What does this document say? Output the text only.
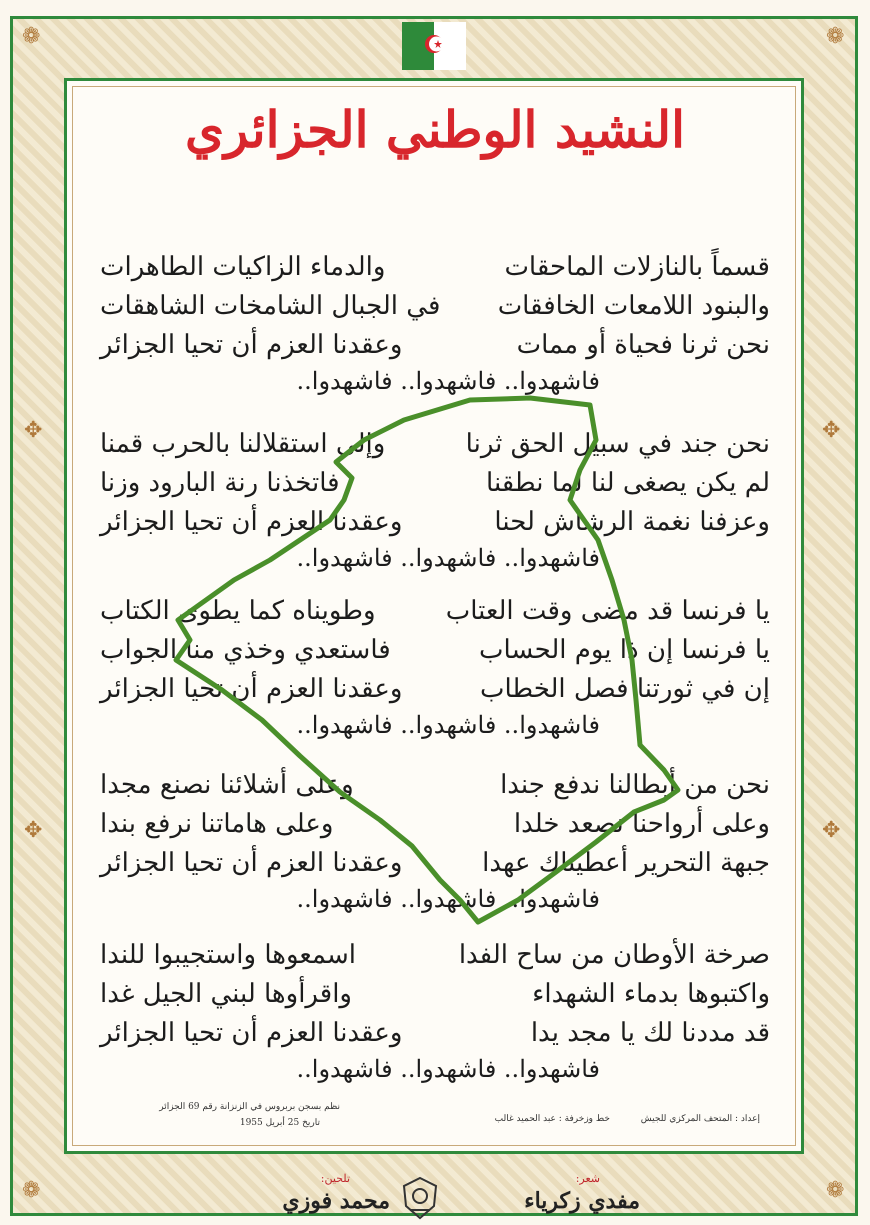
❁	❁
❁	❁
✥
✥
✥
✥
النشيد الوطني الجزائري
قسماً بالنازلات الماحقات
والدماء الزاكيات الطاهرات
والبنود اللامعات الخافقات
في الجبال الشامخات الشاهقات
نحن ثرنا فحياة أو ممات
وعقدنا العزم أن تحيا الجزائر
فاشهدوا.. فاشهدوا.. فاشهدوا..
نحن جند في سبيل الحق ثرنا
وإلى استقلالنا بالحرب قمنا
لم يكن يصغى لنا لما نطقنا
فاتخذنا رنة البارود وزنا
وعزفنا نغمة الرشاش لحنا
وعقدنا العزم أن تحيا الجزائر
فاشهدوا.. فاشهدوا.. فاشهدوا..
يا فرنسا قد مضى وقت العتاب
وطويناه كما يطوى الكتاب
يا فرنسا إن ذا يوم الحساب
فاستعدي وخذي منا الجواب
إن في ثورتنا فصل الخطاب
وعقدنا العزم أن تحيا الجزائر
فاشهدوا.. فاشهدوا.. فاشهدوا..
نحن من أبطالنا ندفع جندا
وعلى أشلائنا نصنع مجدا
وعلى أرواحنا نصعد خلدا
وعلى هاماتنا نرفع بندا
جبهة التحرير أعطيناك عهدا
وعقدنا العزم أن تحيا الجزائر
فاشهدوا.. فاشهدوا.. فاشهدوا..
صرخة الأوطان من ساح الفدا
اسمعوها واستجيبوا للندا
واكتبوها بدماء الشهداء
واقرأوها لبني الجيل غدا
قد مددنا لك يا مجد يدا
وعقدنا العزم أن تحيا الجزائر
فاشهدوا.. فاشهدوا.. فاشهدوا..
إعداد : المتحف المركزي للجيش
خط وزخرفة : عبد الحميد غالب
نظم بسجن بربروس في الزنزانة رقم 69 الجزائر
تاريخ 25 أبريل 1955
شعر:
مفدي زكرياء
تلحين:
محمد فوزي
